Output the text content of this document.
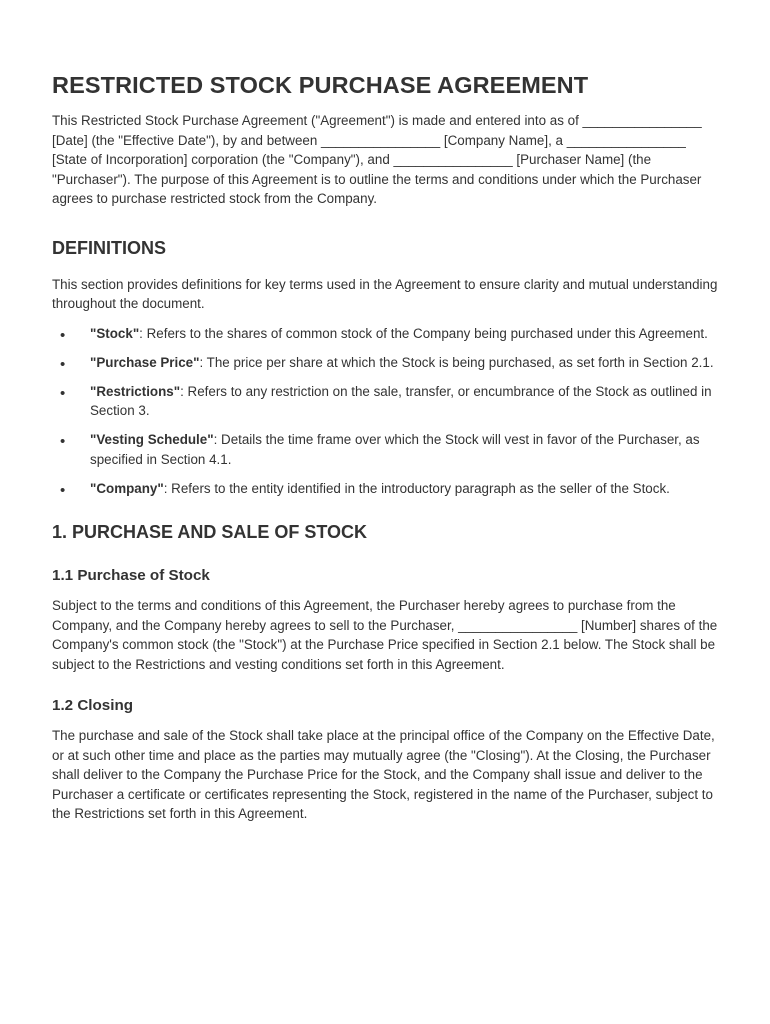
RESTRICTED STOCK PURCHASE AGREEMENT

This Restricted Stock Purchase Agreement ("Agreement") is made and entered into as of ________________ [Date] (the "Effective Date"), by and between ________________ [Company Name], a ________________ [State of Incorporation] corporation (the "Company"), and ________________ [Purchaser Name] (the "Purchaser"). The purpose of this Agreement is to outline the terms and conditions under which the Purchaser agrees to purchase restricted stock from the Company.

DEFINITIONS

This section provides definitions for key terms used in the Agreement to ensure clarity and mutual understanding throughout the document.

• "Stock": Refers to the shares of common stock of the Company being purchased under this Agreement.
• "Purchase Price": The price per share at which the Stock is being purchased, as set forth in Section 2.1.
• "Restrictions": Refers to any restriction on the sale, transfer, or encumbrance of the Stock as outlined in Section 3.
• "Vesting Schedule": Details the time frame over which the Stock will vest in favor of the Purchaser, as specified in Section 4.1.
• "Company": Refers to the entity identified in the introductory paragraph as the seller of the Stock.
1. PURCHASE AND SALE OF STOCK
1.1 Purchase of Stock

Subject to the terms and conditions of this Agreement, the Purchaser hereby agrees to purchase from the Company, and the Company hereby agrees to sell to the Purchaser, ________________ [Number] shares of the Company's common stock (the "Stock") at the Purchase Price specified in Section 2.1 below. The Stock shall be subject to the Restrictions and vesting conditions set forth in this Agreement.

1.2 Closing

The purchase and sale of the Stock shall take place at the principal office of the Company on the Effective Date, or at such other time and place as the parties may mutually agree (the "Closing"). At the Closing, the Purchaser shall deliver to the Company the Purchase Price for the Stock, and the Company shall issue and deliver to the Purchaser a certificate or certificates representing the Stock, registered in the name of the Purchaser, subject to the Restrictions set forth in this Agreement.
